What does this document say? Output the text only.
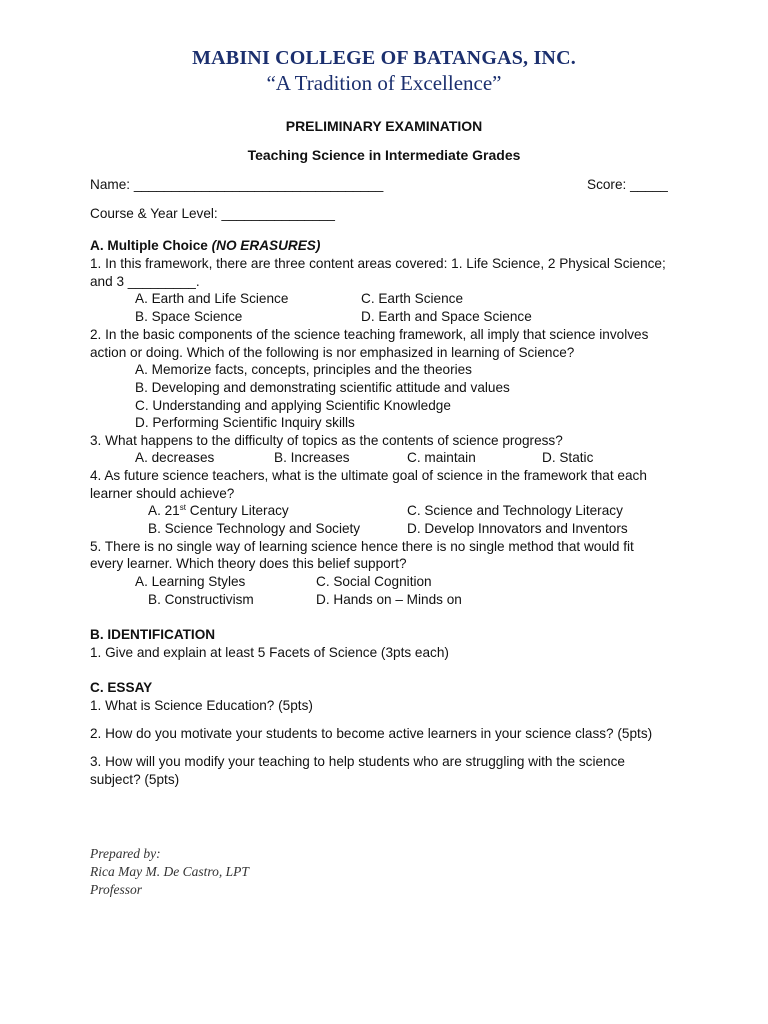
MABINI COLLEGE OF BATANGAS, INC.
“A Tradition of Excellence”
PRELIMINARY EXAMINATION
Teaching Science in Intermediate Grades
Name: _________________________________	Score: _____
Course & Year Level: _______________
A. Multiple Choice (NO ERASURES)
1. In this framework, there are three content areas covered: 1. Life Science, 2 Physical Science;
and 3 _________.
A. Earth and Life Science	C. Earth Science
B. Space Science	D. Earth and Space Science
2. In the basic components of the science teaching framework, all imply that science involves
action or doing. Which of the following is nor emphasized in learning of Science?
A. Memorize facts, concepts, principles and the theories
B. Developing and demonstrating scientific attitude and values
C. Understanding and applying Scientific Knowledge
D. Performing Scientific Inquiry skills
3. What happens to the difficulty of topics as the contents of science progress?
A. decreases	B. Increases	C. maintain	D. Static
4. As future science teachers, what is the ultimate goal of science in the framework that each
learner should achieve?
A. 21st Century Literacy	C. Science and Technology Literacy
B. Science Technology and Society	D. Develop Innovators and Inventors
5. There is no single way of learning science hence there is no single method that would fit
every learner. Which theory does this belief support?
A. Learning Styles	C. Social Cognition
B. Constructivism	D. Hands on – Minds on
B. IDENTIFICATION
1. Give and explain at least 5 Facets of Science (3pts each)
C. ESSAY
1. What is Science Education? (5pts)
2. How do you motivate your students to become active learners in your science class? (5pts)
3. How will you modify your teaching to help students who are struggling with the science
subject? (5pts)
Prepared by:
Rica May M. De Castro, LPT
Professor
